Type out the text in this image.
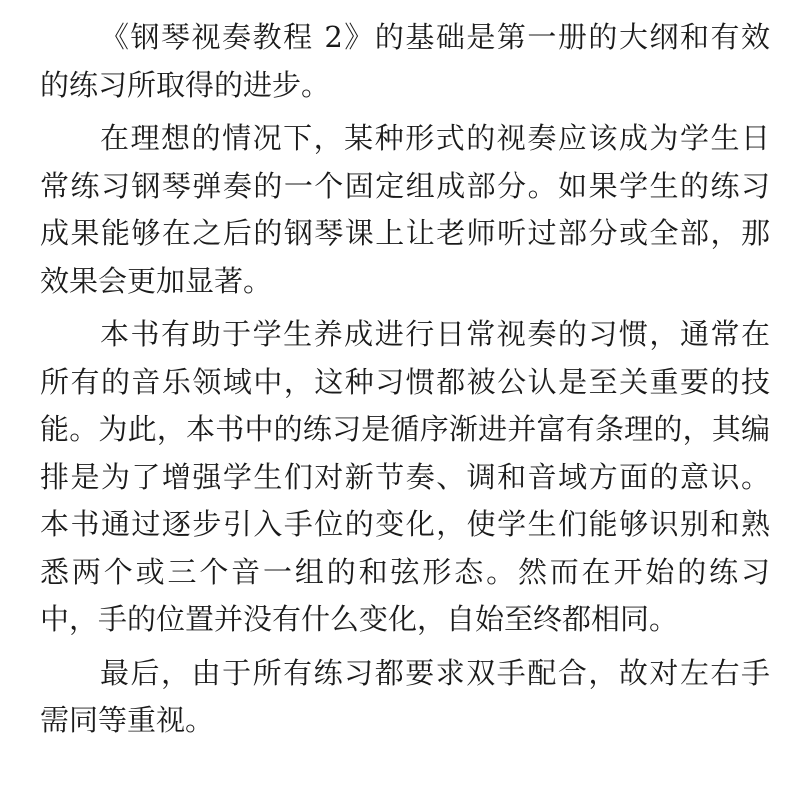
《钢琴视奏教程 2》的基础是第一册的大纲和有效
的练习所取得的进步。
在理想的情况下，某种形式的视奏应该成为学生日
常练习钢琴弹奏的一个固定组成部分。如果学生的练习
成果能够在之后的钢琴课上让老师听过部分或全部，那
效果会更加显著。
本书有助于学生养成进行日常视奏的习惯，通常在
所有的音乐领域中，这种习惯都被公认是至关重要的技
能。为此，本书中的练习是循序渐进并富有条理的，其编
排是为了增强学生们对新节奏、调和音域方面的意识。
本书通过逐步引入手位的变化，使学生们能够识别和熟
悉两个或三个音一组的和弦形态。然而在开始的练习
中，手的位置并没有什么变化，自始至终都相同。
最后，由于所有练习都要求双手配合，故对左右手
需同等重视。
